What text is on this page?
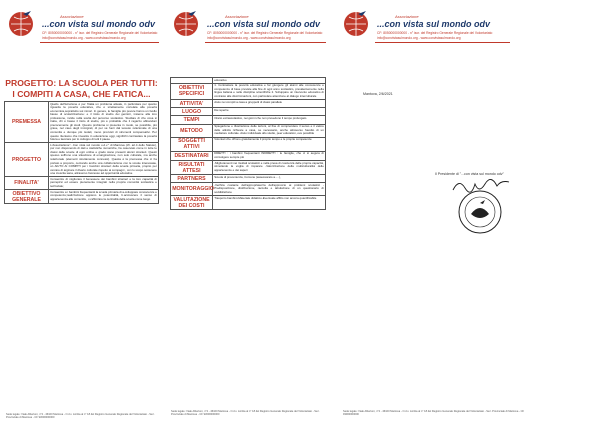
Associazione
...con vista sul mondo odv
CF: 8050000000000 - n° iscr. del Registro Generale Regionale del Volontariato
info@convistasulmondo.org - www.convistasulmondo.org
PROGETTO: LA SCUOLA PER TUTTI:
I COMPITI A CASA, CHE FATICA...
PREMESSA	Quello dell'istruzione è per l'Italia un problema attuale, in particolare per quanto riguarda la povertà educativa, che è strettamente correlata alla povertà economica,soprattutto sui minori. In genere, le famiglie più povere hanno un livello basso di scolarizzazione: e il titolo di studio dei genitori, insieme alla loro professione, incide sulla scelta del percorso scolastico. Studiare di che cosa si tratta, chi è basso il titolo di studio, più è probabile che il ragazzo abbandoni precocemente gli studi. Questo problema si presenta in modo, se possibile, più grave, nel caso degli immigrati, di per sé fuori dal tessuto relazionale di una comunità e dunque più isolati, meno provvisti di strumenti compensativi. Per questo riteniamo che investire in educazione oggi, significhi contrastare la povertà futura e lavorare per lo sviluppo di tutti il paese.
PROGETTO	L'Associazione"...Con vista sul mondo o.d.v." di Mantova (cfr. art.4 dello Statuto), pur non disponendo di dati e statistiche numeriche, ha osservato come in tutte le classi delle scuole di ogni ordine e grado siano presenti alunni stranieri. Questi spesso soffrono una situazione di emarginazione, non solo culturale, ma anche relazionale (elementi strettamente connessi). Questa è la premessa che ci ha portato a proporre, cercando anche una collaborazione con le scuole interessate, un AIUTO AI COMPITI per i bambini stranieri della scuola primaria, proprio per cercare di arginare il divario culturale rispetto ai compagni , con lo scopo sostenere una crescita sana, attraverso l'accesso ad opportunità educative
FINALITA'	Consentire di migliorare il benessere dei bambini stranieri e la loro capacità di percepirsi ed essere pienamente integrati nella propria comunità scolastica e territoriale;
OBIETTIVO GENERALE	Consentire a i bambini frequentanti la scuola primaria di a-sviluppare conoscenze e competenze;realizzazione appieno le potenzialità, b.accrescere il senso di appartenenza alle comunità , c-rafforzare la centralità della scuola come luogo
Sede legale: Viale Albertoni, n°2 - 46100 Mantova - O.d.v. iscritta al n° 18 del Registro Generale Regionale del Volontariato - Sez. Provinciale di Mantova - CF 93000000000
Associazione
...con vista sul mondo odv
CF: 8050000000000 - n° iscr. del Registro Generale Regionale del Volontariato
info@convistasulmondo.org - www.convistasulmondo.org
	educativo
OBIETTIVI SPECIFICI	1. Contrastare la povertà educativa e far giungere gli alunni alle conoscenze e competenze di base previste alla fine di ogni anno scolastico, prevalentemente nella lingua italiana e nelle discipline scientifiche 2. Sviluppare un intervento educativo di contrasto alle discriminazioni, con particolare attenzione al dialogo interculturale
ATTIVITA'	Aiuto nei compiti a casa a gruppetti di classi parallele
LUOGO	Da reperire
TEMPI	Orario extrascolastico, nei giorni che non prevedono il tempo prolungato
METODO	Spiegazione e illustrazione delle lezioni, al fine di comprendere il senso e il valore delle attività richieste a casa, se necessario, anche attraverso l'ausilio di un mediatore culturale. Aiuto individuale allo studio, peer education, ove possibile
SOGGETTI ATTIVI	Volontari che offrono gratuitamente il proprio tempo e le proprie competenze
DESTINATARI	DIRETTI : i bambini frequentanti INDIRETTI : le famiglie, che ci si augura di coinvolgere sempre più
RISULTATI ATTESI	-Miglioramenti nei risultati scolastici e nella presa di coscienza delle proprie capacità, stimolando la voglia di imparare -Valorizzazione della multiculturalità delle appartenenze e dei saperi
PARTNERS	Scuola di provenienza, Comune (assessorato a.....),
MONITORAGGIO	-Verifica costante dell'appropriatezza dell'approccio ai problemi scolastici -Predisposizione, distribuzione, raccolta e tabulazione di un questionario di soddisfazione
VALUTAZIONE DEI COSTI	Trasporto bambini-Materiale didattico-Eventuale affitto non ancora quantificabile
Sede legale: Viale Albertoni, n°2 - 46100 Mantova - O.d.v. iscritta al n° 18 del Registro Generale Regionale del Volontariato - Sez. Provinciale di Mantova - CF 93000000000
Associazione
...con vista sul mondo odv
CF: 8050000000000 - n° iscr. del Registro Generale Regionale del Volontariato
info@convistasulmondo.org - www.convistasulmondo.org
Mantova, 2/6/2021
Il Presidente di "...con vista sul mondo odv"
Sede legale: Viale Albertoni, n°2 - 46100 Mantova - O.d.v. iscritta al n° 18 del Registro Generale Regionale del Volontariato - Sez. Provinciale di Mantova - CF 93000000000
